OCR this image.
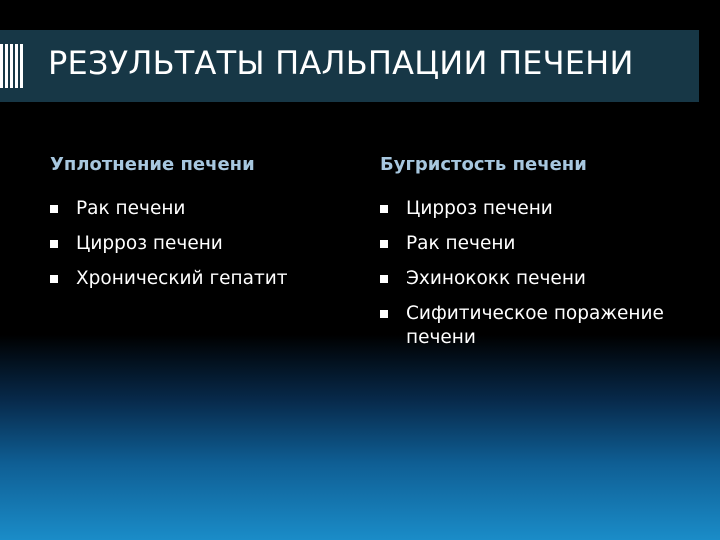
РЕЗУЛЬТАТЫ ПАЛЬПАЦИИ ПЕЧЕНИ
Уплотнение печени
Рак печени
Цирроз печени
Хронический гепатит
Бугристость печени
Цирроз печени
Рак печени
Эхинококк печени
Сифитическое поражение печени
